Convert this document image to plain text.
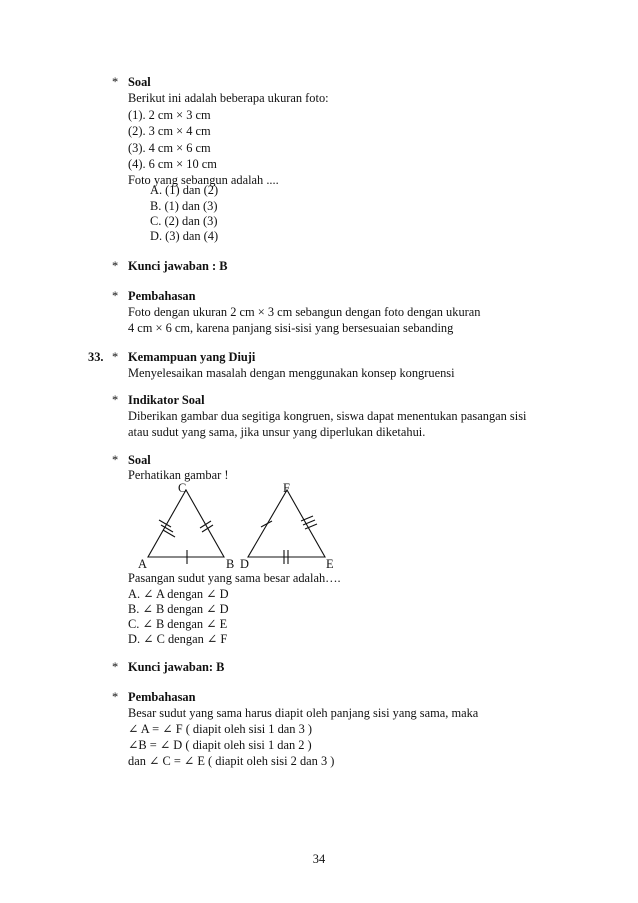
* Soal
Berikut ini adalah beberapa ukuran foto:
(1). 2 cm × 3 cm
(2). 3 cm × 4 cm
(3). 4 cm × 6 cm
(4). 6 cm × 10 cm
Foto yang sebangun adalah ....
A. (1) dan (2)
B. (1) dan (3)
C. (2) dan (3)
D. (3) dan (4)
* Kunci jawaban : B
* Pembahasan
Foto dengan ukuran 2 cm × 3 cm sebangun dengan foto dengan ukuran
4 cm × 6 cm, karena panjang sisi-sisi yang bersesuaian sebanding
33. * Kemampuan yang Diuji
Menyelesaikan masalah dengan menggunakan konsep kongruensi
* Indikator Soal
Diberikan gambar dua segitiga kongruen, siswa dapat menentukan pasangan sisi
atau sudut yang sama, jika unsur yang diperlukan diketahui.
* Soal
Perhatikan gambar !
C
A	B
F
D	E
Pasangan sudut yang sama besar adalah….
A. ∠ A dengan ∠ D
B. ∠ B dengan ∠ D
C. ∠ B dengan ∠ E
D. ∠ C dengan ∠ F
* Kunci jawaban: B
* Pembahasan
Besar sudut yang sama harus diapit oleh panjang sisi yang sama, maka
∠ A = ∠ F ( diapit oleh sisi 1 dan 3 )
∠B = ∠ D ( diapit oleh sisi 1 dan 2 )
dan ∠ C = ∠ E ( diapit oleh sisi 2 dan 3 )
34
